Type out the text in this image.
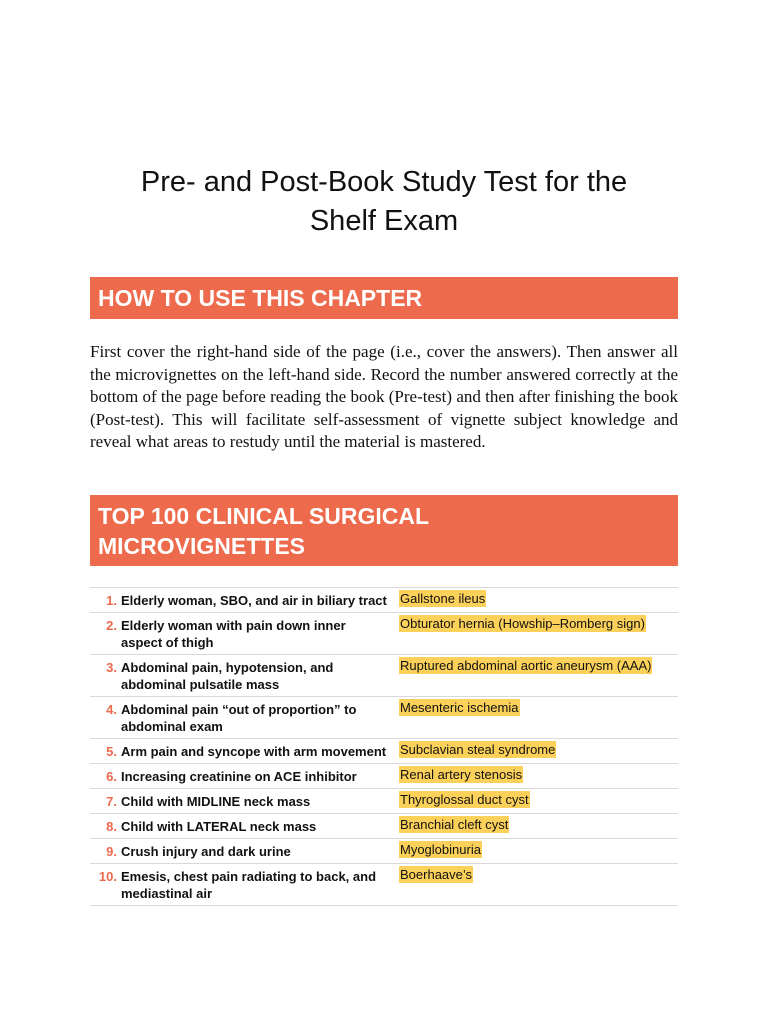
Pre- and Post-Book Study Test for the
Shelf Exam
HOW TO USE THIS CHAPTER

First cover the right-hand side of the page (i.e., cover the answers). Then answer all the microvignettes on the left-hand side. Record the number answered correctly at the bottom of the page before reading the book (Pre-test) and then after finishing the book (Post-test). This will facilitate self-assessment of vignette subject knowledge and reveal what areas to restudy until the material is mastered.

TOP 100 CLINICAL SURGICAL
MICROVIGNETTES
1. Elderly woman, SBO, and air in biliary tract	Gallstone ileus
2. Elderly woman with pain down inner aspect of thigh
Obturator hernia (Howship–Romberg sign)
3. Abdominal pain, hypotension, and abdominal pulsatile mass
Ruptured abdominal aortic aneurysm (AAA)
4. Abdominal pain “out of proportion” to abdominal exam
Mesenteric ischemia
5. Arm pain and syncope with arm movement	Subclavian steal syndrome
6. Increasing creatinine on ACE inhibitor	Renal artery stenosis
7. Child with MIDLINE neck mass	Thyroglossal duct cyst
8. Child with LATERAL neck mass	Branchial cleft cyst
9. Crush injury and dark urine	Myoglobinuria
10. Emesis, chest pain radiating to back, and mediastinal air
Boerhaave’s
